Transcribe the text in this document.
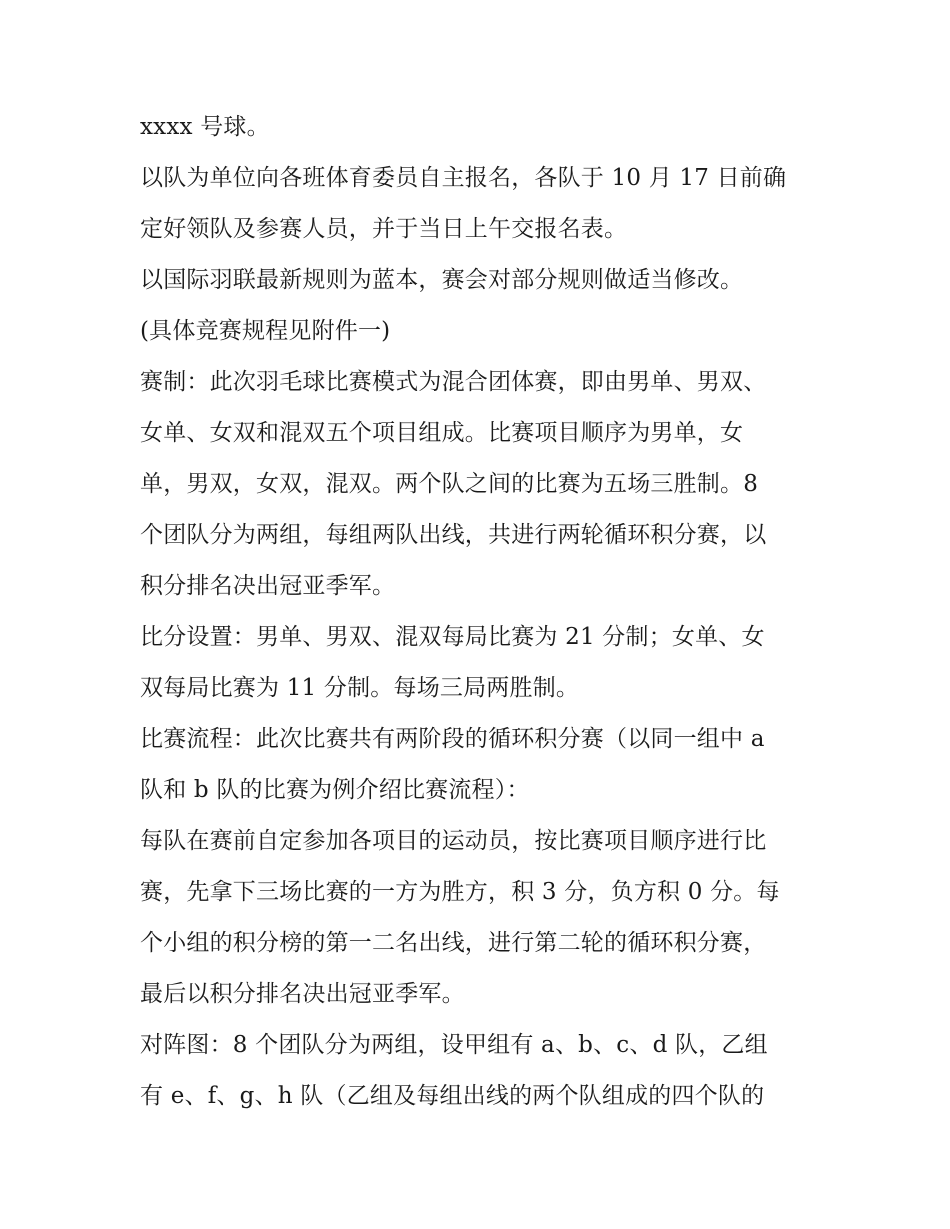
xxxx 号球。
以队为单位向各班体育委员自主报名，各队于 10 月 17 日前确
定好领队及参赛人员，并于当日上午交报名表。
以国际羽联最新规则为蓝本，赛会对部分规则做适当修改。
(具体竞赛规程见附件一)
赛制：此次羽毛球比赛模式为混合团体赛，即由男单、男双、
女单、女双和混双五个项目组成。比赛项目顺序为男单，女
单，男双，女双，混双。两个队之间的比赛为五场三胜制。8
个团队分为两组，每组两队出线，共进行两轮循环积分赛，以
积分排名决出冠亚季军。
比分设置：男单、男双、混双每局比赛为 21 分制；女单、女
双每局比赛为 11 分制。每场三局两胜制。
比赛流程：此次比赛共有两阶段的循环积分赛（以同一组中 a
队和 b 队的比赛为例介绍比赛流程）：
每队在赛前自定参加各项目的运动员，按比赛项目顺序进行比
赛，先拿下三场比赛的一方为胜方，积 3 分，负方积 0 分。每
个小组的积分榜的第一二名出线，进行第二轮的循环积分赛，
最后以积分排名决出冠亚季军。
对阵图：8 个团队分为两组，设甲组有 a、b、c、d 队，乙组
有 e、f、g、h 队（乙组及每组出线的两个队组成的四个队的
